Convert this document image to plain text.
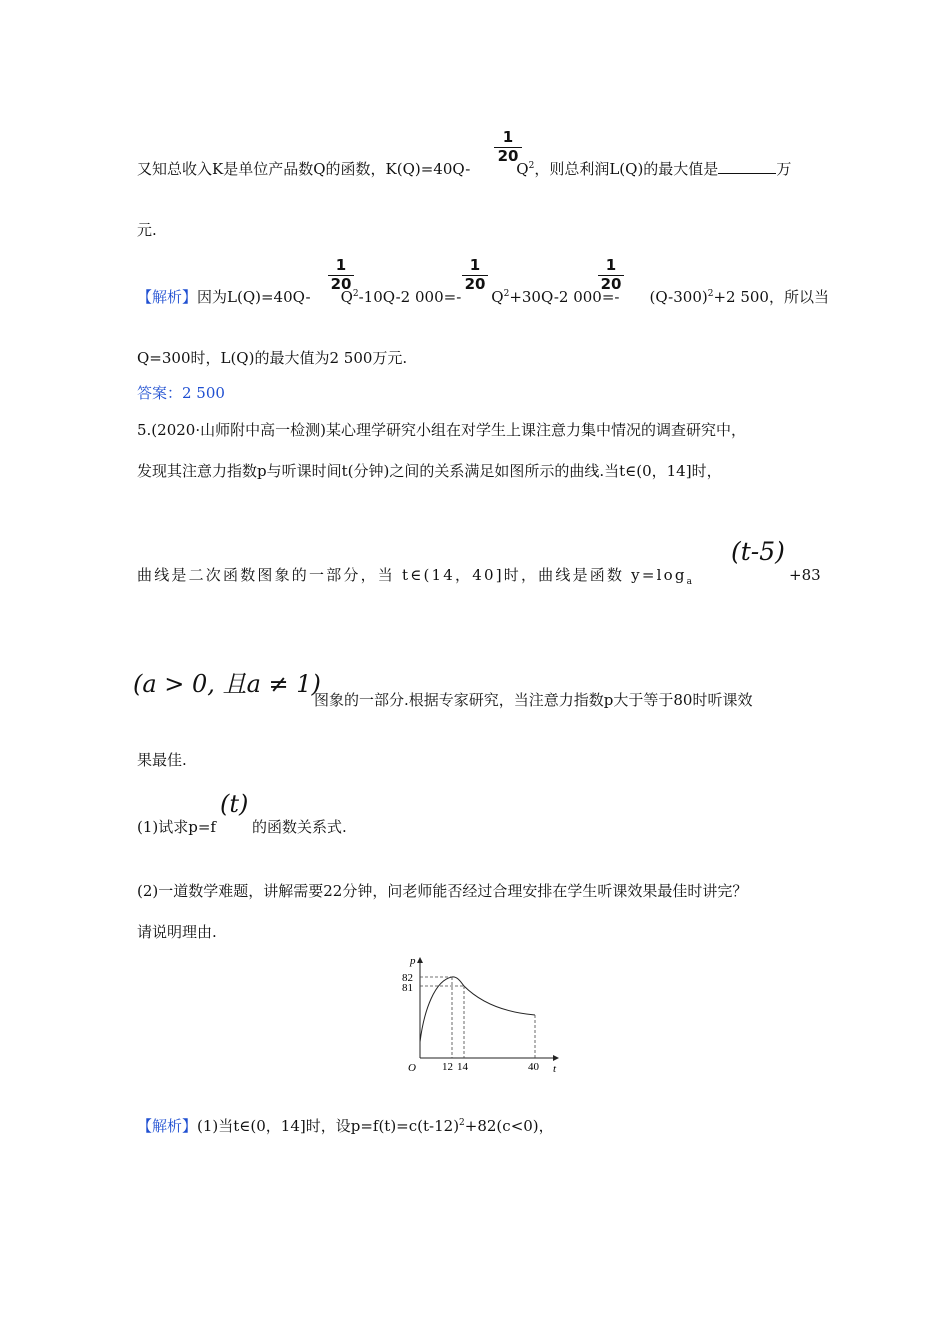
又知总收入K是单位产品数Q的函数，K(Q)=40Q-	$Q^2$，则总利润L(Q)的最大值是	万
1
20
元.
【解析】因为L(Q)=40Q- $Q^2-10Q-2$ 000=- $Q^2+30Q-2$ 000=- $(Q-300)^2+2$ 500，所以当
1
20
1
20
1
20
Q=300时，L(Q)的最大值为2 500万元.
答案：2 500
5.(2020·山师附中高一检测)某心理学研究小组在对学生上课注意力集中情况的调查研究中，
发现其注意力指数p与听课时间t(分钟)之间的关系满足如图所示的曲线.当t∈(0，14]时，
曲线是二次函数图象的一部分，当 t∈(14，40]时，曲线是函数 $y=\log_a$
(t-5)
+83
(a > 0, 且a ≠ 1)
图象的一部分.根据专家研究，当注意力指数p大于等于80时听课效
果最佳.
(1)试求p=f 的函数关系式.
(t)
(2)一道数学难题，讲解需要22分钟，问老师能否经过合理安排在学生听课效果最佳时讲完？
请说明理由.
p
t
O
82
81
12 14	40
【解析】(1)当t∈(0，14]时，设$p=f(t)=c(t-12)^2+82(c<0)$，
